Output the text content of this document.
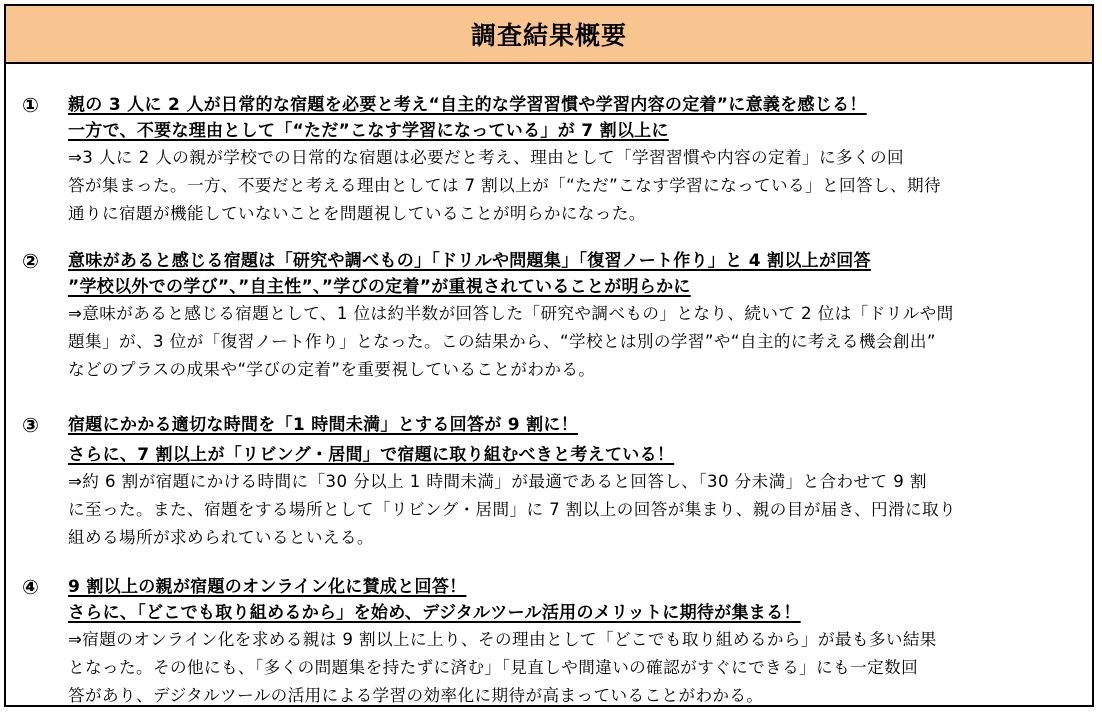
調査結果概要
① 親の 3 人に 2 人が日常的な宿題を必要と考え“自主的な学習習慣や学習内容の定着”に意義を感じる！
一方で、不要な理由として「“ただ”こなす学習になっている」が 7 割以上に
⇒3 人に 2 人の親が学校での日常的な宿題は必要だと考え、理由として「学習習慣や内容の定着」に多くの回
答が集まった。一方、不要だと考える理由としては 7 割以上が「“ただ”こなす学習になっている」と回答し、期待
通りに宿題が機能していないことを問題視していることが明らかになった。
② 意味があると感じる宿題は「研究や調べもの」「ドリルや問題集」「復習ノート作り」と 4 割以上が回答
”学校以外での学び”、”自主性”、”学びの定着”が重視されていることが明らかに
⇒意味があると感じる宿題として、1 位は約半数が回答した「研究や調べもの」となり、続いて 2 位は「ドリルや問
題集」が、3 位が「復習ノート作り」となった。この結果から、“学校とは別の学習”や“自主的に考える機会創出”
などのプラスの成果や“学びの定着”を重要視していることがわかる。
③ 宿題にかかる適切な時間を「1 時間未満」とする回答が 9 割に！
さらに、7 割以上が「リビング・居間」で宿題に取り組むべきと考えている！
⇒約 6 割が宿題にかける時間に「30 分以上 1 時間未満」が最適であると回答し、「30 分未満」と合わせて 9 割
に至った。また、宿題をする場所として「リビング・居間」に 7 割以上の回答が集まり、親の目が届き、円滑に取り
組める場所が求められているといえる。
④ 9 割以上の親が宿題のオンライン化に賛成と回答！
さらに、「どこでも取り組めるから」を始め、デジタルツール活用のメリットに期待が集まる！
⇒宿題のオンライン化を求める親は 9 割以上に上り、その理由として「どこでも取り組めるから」が最も多い結果
となった。その他にも、「多くの問題集を持たずに済む」「見直しや間違いの確認がすぐにできる」にも一定数回
答があり、デジタルツールの活用による学習の効率化に期待が高まっていることがわかる。
